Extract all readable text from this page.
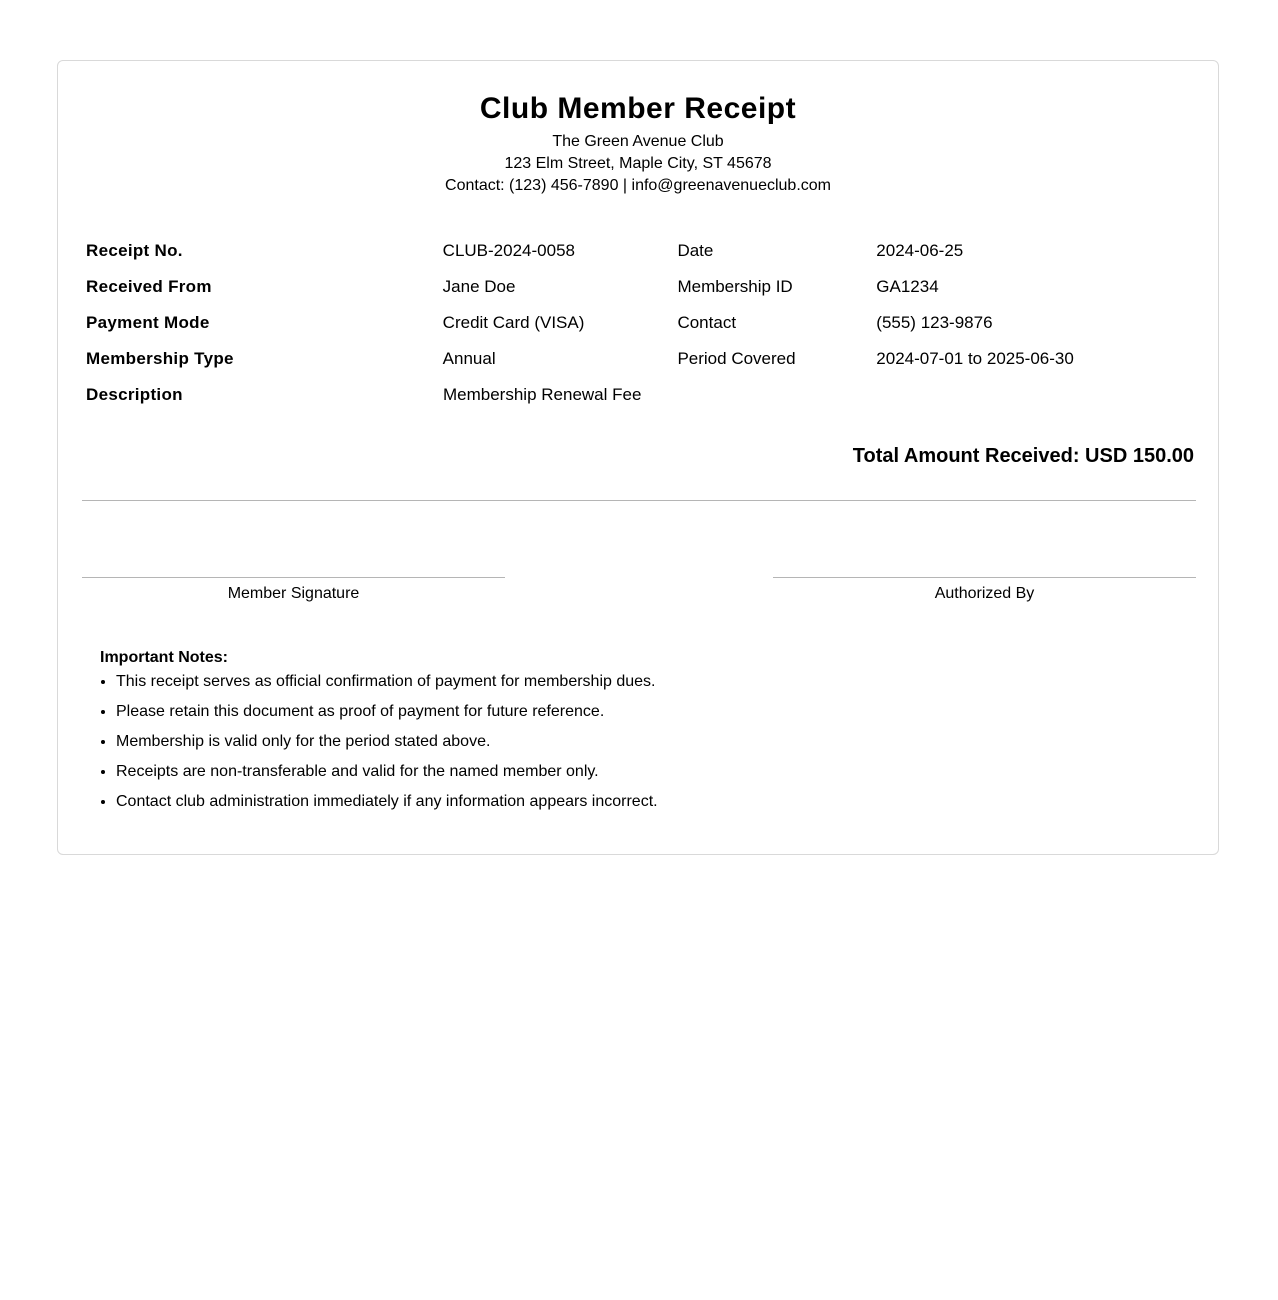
Club Member Receipt
The Green Avenue Club
123 Elm Street, Maple City, ST 45678
Contact: (123) 456-7890 | info@greenavenueclub.com
Receipt No.	CLUB-2024-0058	Date	2024-06-25
Received From	Jane Doe	Membership ID	GA1234
Payment Mode	Credit Card (VISA)	Contact	(555) 123-9876
Membership Type	Annual	Period Covered	2024-07-01 to 2025-06-30
Description	Membership Renewal Fee
Total Amount Received: USD 150.00
Member Signature	Authorized By
Important Notes:
• This receipt serves as official confirmation of payment for membership dues.
• Please retain this document as proof of payment for future reference.
• Membership is valid only for the period stated above.
• Receipts are non-transferable and valid for the named member only.
• Contact club administration immediately if any information appears incorrect.
